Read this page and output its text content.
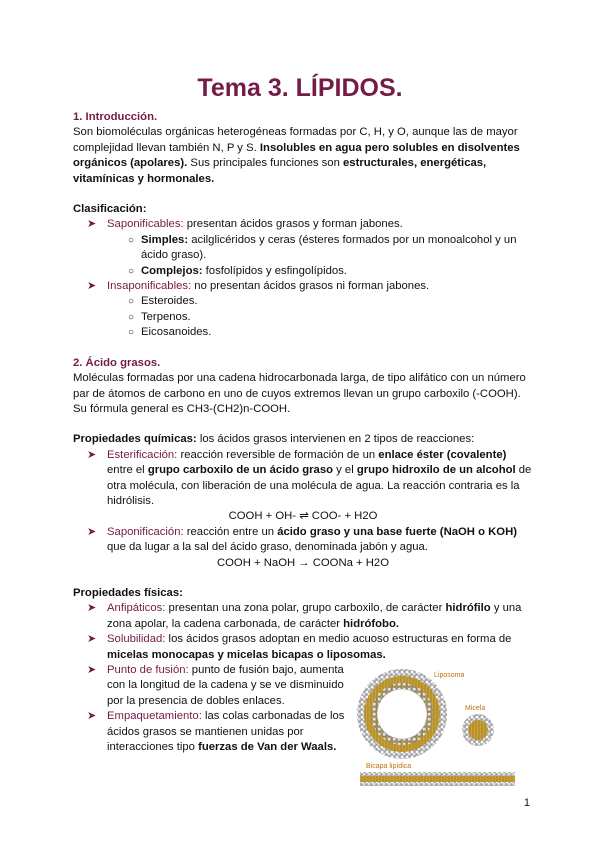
Tema 3. LÍPIDOS.

1. Introducción.

Son biomoléculas orgánicas heterogéneas formadas por C, H, y O, aunque las de mayor complejidad llevan también N, P y S. Insolubles en agua pero solubles en disolventes orgánicos (apolares). Sus principales funciones son estructurales, energéticas, vitamínicas y hormonales.

Clasificación:

➤ Saponificables: presentan ácidos grasos y forman jabones.
○ Simples: acilglicéridos y ceras (ésteres formados por un monoalcohol y un ácido graso).
○ Complejos: fosfolípidos y esfingolípidos.
➤ Insaponificables: no presentan ácidos grasos ni forman jabones.
○ Esteroides.
○ Terpenos.
○ Eicosanoides.

2. Ácido grasos.

Moléculas formadas por una cadena hidrocarbonada larga, de tipo alifático con un número par de átomos de carbono en uno de cuyos extremos llevan un grupo carboxilo (-COOH). Su fórmula general es CH3-(CH2)n-COOH.

Propiedades químicas: los ácidos grasos intervienen en 2 tipos de reacciones:

➤ Esterificación: reacción reversible de formación de un enlace éster (covalente) entre el grupo carboxilo de un ácido graso y el grupo hidroxilo de un alcohol de otra molécula, con liberación de una molécula de agua. La reacción contraria es la hidrólisis.

COOH + OH- ⇌ COO- + H2O

➤ Saponificación: reacción entre un ácido graso y una base fuerte (NaOH o KOH) que da lugar a la sal del ácido graso, denominada jabón y agua.

COOH + NaOH → COONa + H2O

Propiedades físicas:

➤ Anfipáticos: presentan una zona polar, grupo carboxilo, de carácter hidrófilo y una zona apolar, la cadena carbonada, de carácter hidrófobo.
➤ Solubilidad: los ácidos grasos adoptan en medio acuoso estructuras en forma de micelas monocapas y micelas bicapas o liposomas.
➤ Punto de fusión: punto de fusión bajo, aumenta con la longitud de la cadena y se ve disminuido por la presencia de dobles enlaces.
➤ Empaquetamiento: las colas carbonadas de los ácidos grasos se mantienen unidas por interacciones tipo fuerzas de Van der Waals.
Liposoma
Micela
Bicapa lipídica
1
